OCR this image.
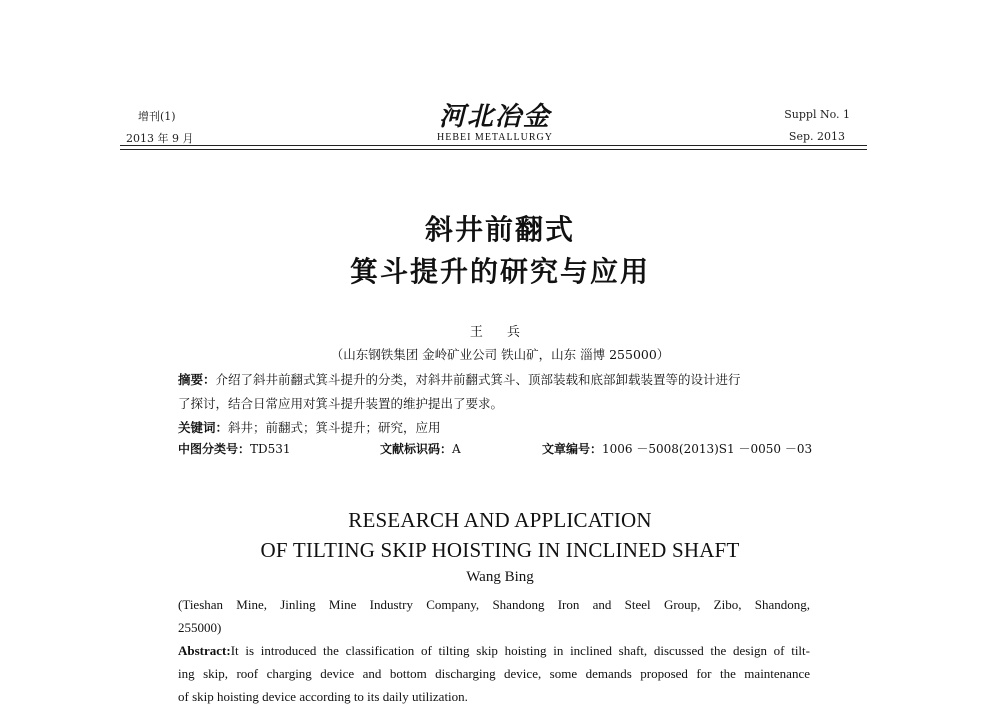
增刊(1)
2013 年 9 月
河北冶金
HEBEI METALLURGY
Suppl No. 1
Sep. 2013
斜井前翻式
箕斗提升的研究与应用
王 兵
（山东钢铁集团 金岭矿业公司 铁山矿，山东 淄博 255000）
摘要：介绍了斜井前翻式箕斗提升的分类，对斜井前翻式箕斗、顶部装载和底部卸载装置等的设计进行
了探讨，结合日常应用对箕斗提升装置的维护提出了要求。
关键词：斜井；前翻式；箕斗提升；研究，应用
中图分类号：TD531	文献标识码：A	文章编号：1006 －5008(2013)S1 －0050 －03
RESEARCH AND APPLICATION
OF TILTING SKIP HOISTING IN INCLINED SHAFT
Wang Bing
(Tieshan Mine, Jinling Mine Industry Company, Shandong Iron and Steel Group, Zibo, Shandong,
255000)
Abstract:It is introduced the classification of tilting skip hoisting in inclined shaft, discussed the design of tilt-
ing skip, roof charging device and bottom discharging device, some demands proposed for the maintenance
of skip hoisting device according to its daily utilization.
